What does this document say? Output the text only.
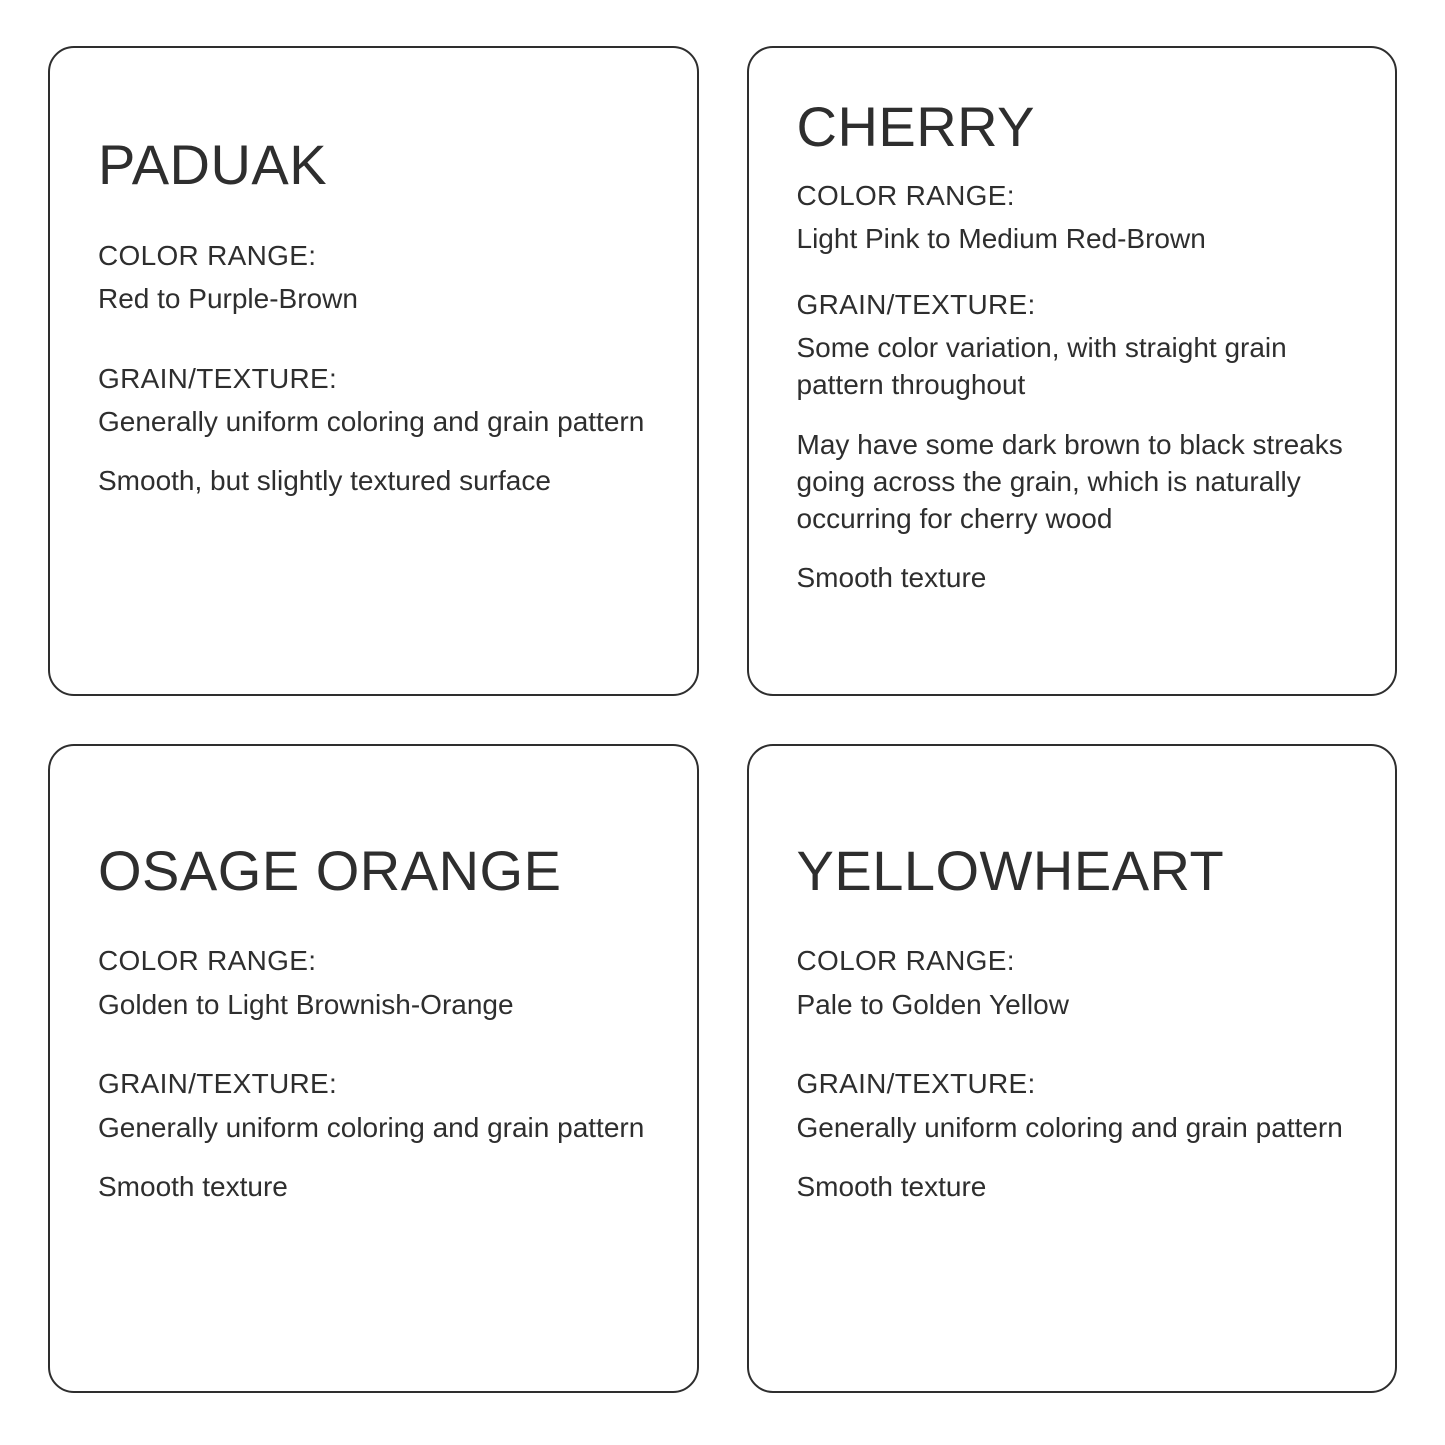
PADUAK

COLOR RANGE:

Red to Purple-Brown

GRAIN/TEXTURE:

Generally uniform coloring and grain pattern

Smooth, but slightly textured surface

CHERRY

COLOR RANGE:

Light Pink to Medium Red-Brown

GRAIN/TEXTURE:

Some color variation, with straight grain pattern throughout

May have some dark brown to black streaks going across the grain, which is naturally occurring for cherry wood

Smooth texture

OSAGE ORANGE

COLOR RANGE:

Golden to Light Brownish-Orange

GRAIN/TEXTURE:

Generally uniform coloring and grain pattern

Smooth texture

YELLOWHEART

COLOR RANGE:

Pale to Golden Yellow

GRAIN/TEXTURE:

Generally uniform coloring and grain pattern

Smooth texture
